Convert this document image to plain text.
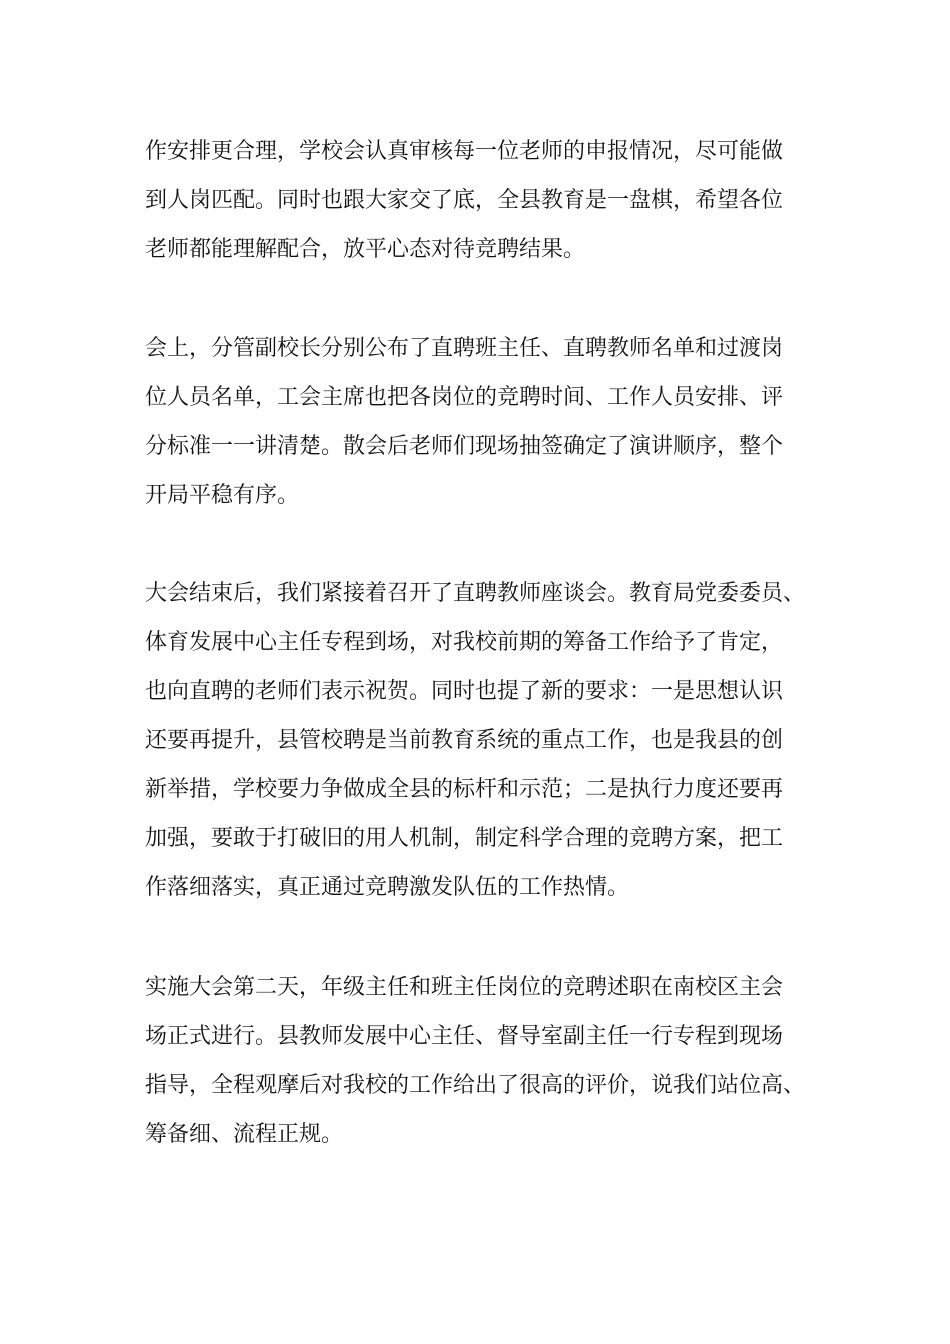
作安排更合理，学校会认真审核每一位老师的申报情况，尽可能做
到人岗匹配。同时也跟大家交了底，全县教育是一盘棋，希望各位
老师都能理解配合，放平心态对待竞聘结果。
会上，分管副校长分别公布了直聘班主任、直聘教师名单和过渡岗
位人员名单，工会主席也把各岗位的竞聘时间、工作人员安排、评
分标准一一讲清楚。散会后老师们现场抽签确定了演讲顺序，整个
开局平稳有序。
大会结束后，我们紧接着召开了直聘教师座谈会。教育局党委委员、
体育发展中心主任专程到场，对我校前期的筹备工作给予了肯定，
也向直聘的老师们表示祝贺。同时也提了新的要求：一是思想认识
还要再提升，县管校聘是当前教育系统的重点工作，也是我县的创
新举措，学校要力争做成全县的标杆和示范；二是执行力度还要再
加强，要敢于打破旧的用人机制，制定科学合理的竞聘方案，把工
作落细落实，真正通过竞聘激发队伍的工作热情。
实施大会第二天，年级主任和班主任岗位的竞聘述职在南校区主会
场正式进行。县教师发展中心主任、督导室副主任一行专程到现场
指导，全程观摩后对我校的工作给出了很高的评价，说我们站位高、
筹备细、流程正规。
